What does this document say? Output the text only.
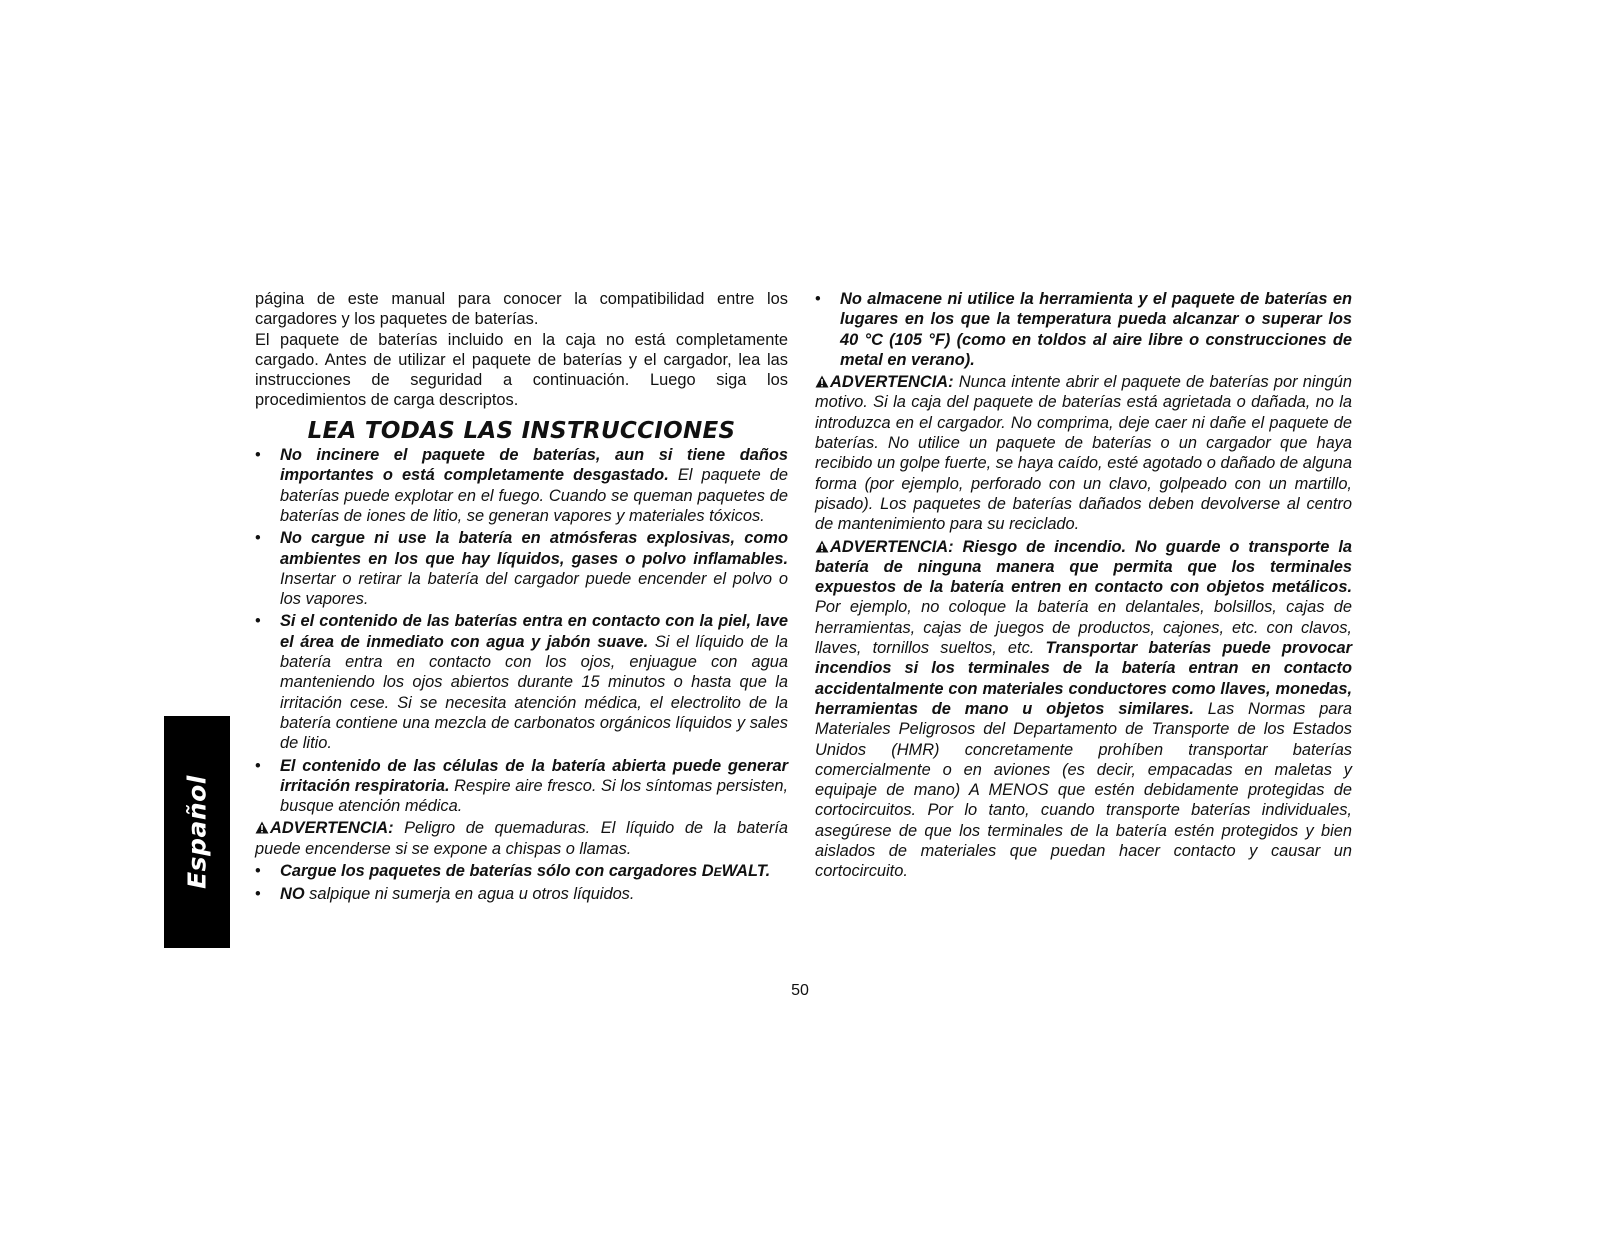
página de este manual para conocer la compatibilidad entre los cargadores y los paquetes de baterías.

El paquete de baterías incluido en la caja no está completamente cargado. Antes de utilizar el paquete de baterías y el cargador, lea las instrucciones de seguridad a continuación. Luego siga los procedimientos de carga descriptos.

LEA TODAS LAS INSTRUCCIONES
• No incinere el paquete de baterías, aun si tiene daños importantes o está completamente desgastado. El paquete de baterías puede explotar en el fuego. Cuando se queman paquetes de baterías de iones de litio, se generan vapores y materiales tóxicos.
• No cargue ni use la batería en atmósferas explosivas, como ambientes en los que hay líquidos, gases o polvo inflamables. Insertar o retirar la batería del cargador puede encender el polvo o los vapores.
• Si el contenido de las baterías entra en contacto con la piel, lave el área de inmediato con agua y jabón suave. Si el líquido de la batería entra en contacto con los ojos, enjuague con agua manteniendo los ojos abiertos durante 15 minutos o hasta que la irritación cese. Si se necesita atención médica, el electrolito de la batería contiene una mezcla de carbonatos orgánicos líquidos y sales de litio.
• El contenido de las células de la batería abierta puede generar irritación respiratoria. Respire aire fresco. Si los síntomas persisten, busque atención médica.

ADVERTENCIA: Peligro de quemaduras. El líquido de la batería puede encenderse si se expone a chispas o llamas.

• Cargue los paquetes de baterías sólo con cargadores DEWALT.
• NO salpique ni sumerja en agua u otros líquidos.
• No almacene ni utilice la herramienta y el paquete de baterías en lugares en los que la temperatura pueda alcanzar o superar los 40 °C (105 °F) (como en toldos al aire libre o construcciones de metal en verano).

ADVERTENCIA: Nunca intente abrir el paquete de baterías por ningún motivo. Si la caja del paquete de baterías está agrietada o dañada, no la introduzca en el cargador. No comprima, deje caer ni dañe el paquete de baterías. No utilice un paquete de baterías o un cargador que haya recibido un golpe fuerte, se haya caído, esté agotado o dañado de alguna forma (por ejemplo, perforado con un clavo, golpeado con un martillo, pisado). Los paquetes de baterías dañados deben devolverse al centro de mantenimiento para su reciclado.

ADVERTENCIA: Riesgo de incendio. No guarde o transporte la batería de ninguna manera que permita que los terminales expuestos de la batería entren en contacto con objetos metálicos. Por ejemplo, no coloque la batería en delantales, bolsillos, cajas de herramientas, cajas de juegos de productos, cajones, etc. con clavos, llaves, tornillos sueltos, etc. Transportar baterías puede provocar incendios si los terminales de la batería entran en contacto accidentalmente con materiales conductores como llaves, monedas, herramientas de mano u objetos similares. Las Normas para Materiales Peligrosos del Departamento de Transporte de los Estados Unidos (HMR) concretamente prohíben transportar baterías comercialmente o en aviones (es decir, empacadas en maletas y equipaje de mano) A MENOS que estén debidamente protegidas de cortocircuitos. Por lo tanto, cuando transporte baterías individuales, asegúrese de que los terminales de la batería estén protegidos y bien aislados de materiales que puedan hacer contacto y causar un cortocircuito.

Español
50
